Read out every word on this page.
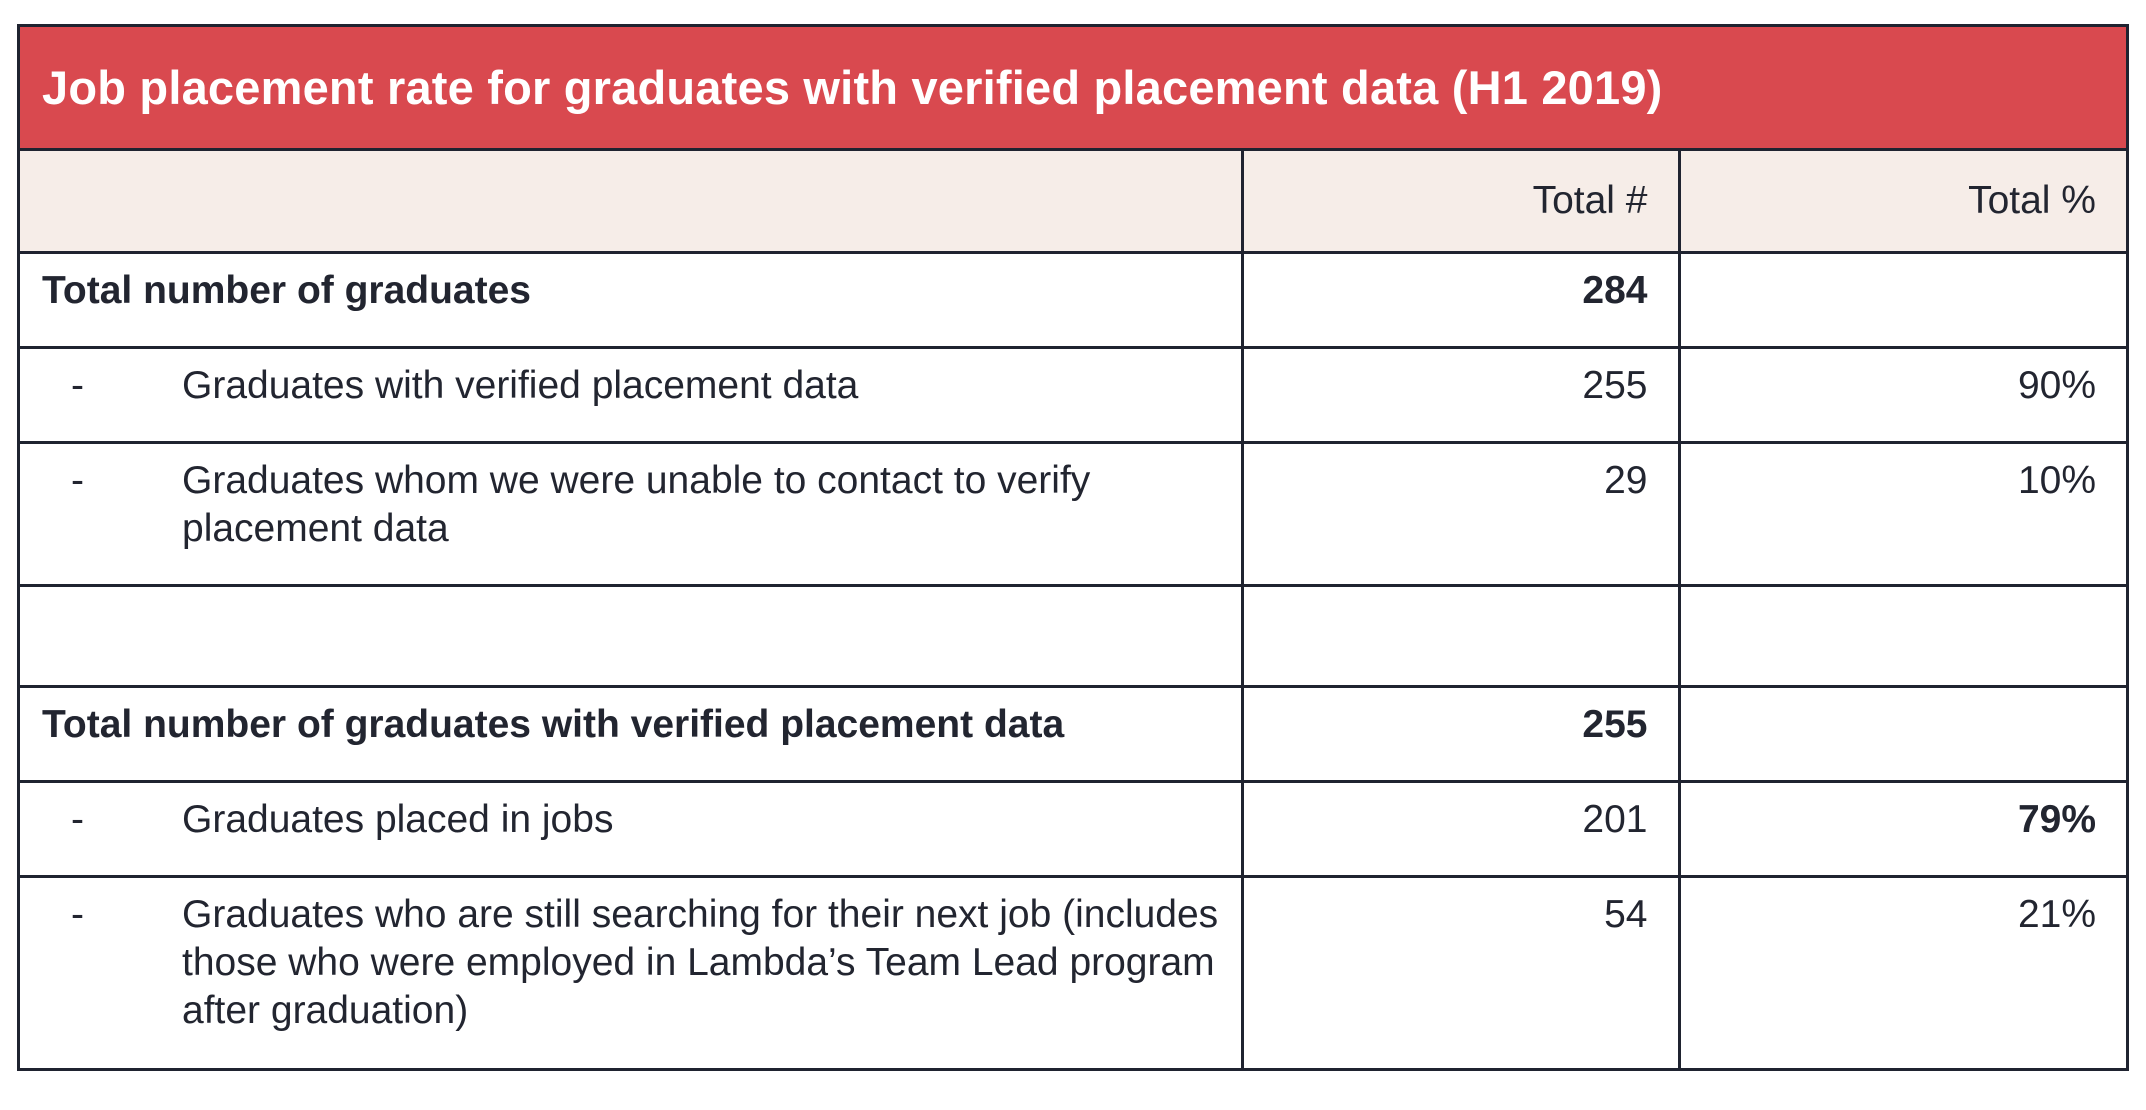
Job placement rate for graduates with verified placement data (H1 2019)
	Total #	Total %
Total number of graduates	284	

- Graduates with verified placement data	255	90%

- Graduates whom we were unable to contact to verify placement data	29	10%

Total number of graduates with verified placement data	255	

- Graduates placed in jobs	201	79%

- Graduates who are still searching for their next job (includes those who were employed in Lambda’s Team Lead program after graduation)	54	21%
